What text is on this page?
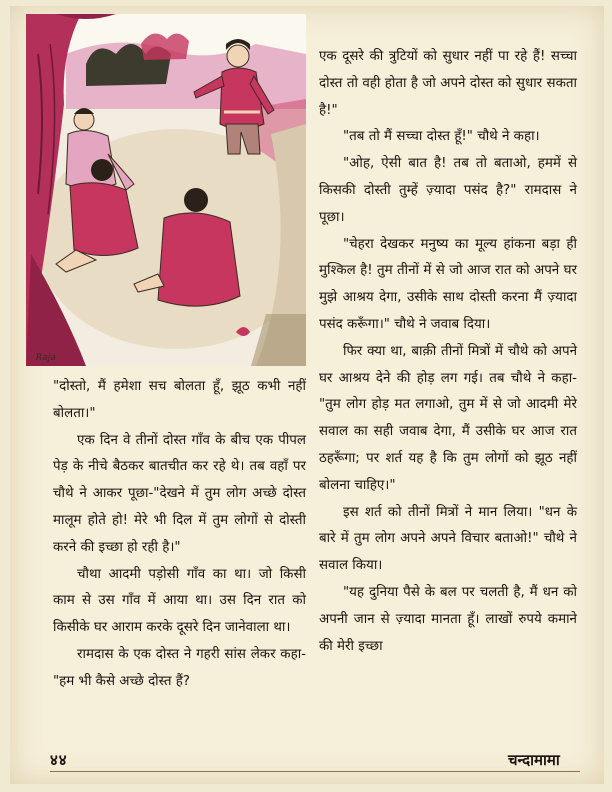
Raja

एक दूसरे की त्रुटियों को सुधार नहीं पा रहे हैं! सच्चा दोस्त तो वही होता है जो अपने दोस्त को सुधार सकता है!"

"तब तो मैं सच्चा दोस्त हूँ!" चौथे ने कहा।

"ओह, ऐसी बात है! तब तो बताओ, हममें से किसकी दोस्ती तुम्हें ज़्यादा पसंद है?" रामदास ने पूछा।

"चेहरा देखकर मनुष्य का मूल्य हांकना बड़ा ही मुश्किल है! तुम तीनों में से जो आज रात को अपने घर मुझे आश्रय देगा, उसीके साथ दोस्ती करना मैं ज़्यादा पसंद करूँगा।" चौथे ने जवाब दिया।

फिर क्या था, बाक़ी तीनों मित्रों में चौथे को अपने घर आश्रय देने की होड़ लग गई। तब चौथे ने कहा-"तुम लोग होड़ मत लगाओ, तुम में से जो आदमी मेरे सवाल का सही जवाब देगा, मैं उसीके घर आज रात ठहरूँगा; पर शर्त यह है कि तुम लोगों को झूठ नहीं बोलना चाहिए।"

इस शर्त को तीनों मित्रों ने मान लिया। "धन के बारे में तुम लोग अपने अपने विचार बताओ!" चौथे ने सवाल किया।

"यह दुनिया पैसे के बल पर चलती है, मैं धन को अपनी जान से ज़्यादा मानता हूँ। लाखों रुपये कमाने की मेरी इच्छा

"दोस्तो, मैं हमेशा सच बोलता हूँ, झूठ कभी नहीं बोलता।"

एक दिन वे तीनों दोस्त गाँव के बीच एक पीपल पेड़ के नीचे बैठकर बातचीत कर रहे थे। तब वहाँ पर चौथे ने आकर पूछा-"देखने में तुम लोग अच्छे दोस्त मालूम होते हो! मेरे भी दिल में तुम लोगों से दोस्ती करने की इच्छा हो रही है।"

चौथा आदमी पड़ोसी गाँव का था। जो किसी काम से उस गाँव में आया था। उस दिन रात को किसीके घर आराम करके दूसरे दिन जानेवाला था।

रामदास के एक दोस्त ने गहरी सांस लेकर कहा-"हम भी कैसे अच्छे दोस्त हैं?

४४	चन्दामामा
